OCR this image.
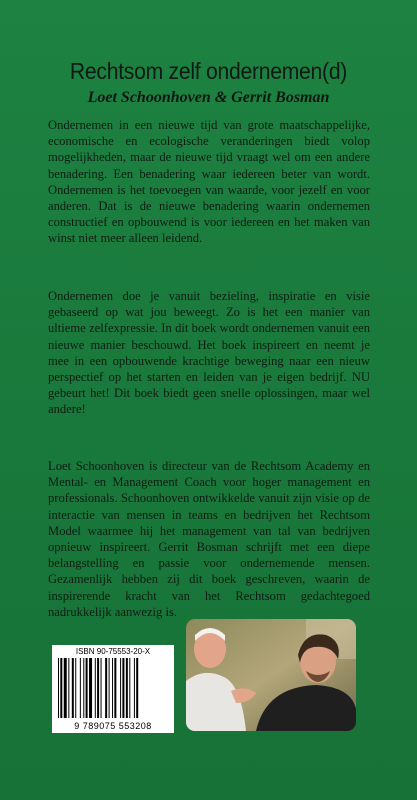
Rechtsom zelf ondernemen(d)
Loet Schoonhoven & Gerrit Bosman

Ondernemen in een nieuwe tijd van grote maatschappelijke, economische en ecologische veranderingen biedt volop mogelijkheden, maar de nieuwe tijd vraagt wel om een andere benadering. Een benadering waar iedereen beter van wordt. Ondernemen is het toevoegen van waarde, voor jezelf en voor anderen. Dat is de nieuwe benadering waarin ondernemen constructief en opbouwend is voor iedereen en het maken van winst niet meer alleen leidend.

Ondernemen doe je vanuit bezieling, inspiratie en visie gebaseerd op wat jou beweegt. Zo is het een manier van ultieme zelfexpressie. In dit boek wordt ondernemen vanuit een nieuwe manier beschouwd. Het boek inspireert en neemt je mee in een opbouwende krachtige beweging naar een nieuw perspectief op het starten en leiden van je eigen bedrijf. NU gebeurt het! Dit boek biedt geen snelle oplossingen, maar wel andere!

Loet Schoonhoven is directeur van de Rechtsom Academy en Mental- en Management Coach voor hoger management en professionals. Schoonhoven ontwikkelde vanuit zijn visie op de interactie van mensen in teams en bedrijven het Rechtsom Model waarmee hij het management van tal van bedrijven opnieuw inspireert. Gerrit Bosman schrijft met een diepe belangstelling en passie voor ondernemende mensen. Gezamenlijk hebben zij dit boek geschreven, waarin de inspirerende kracht van het Rechtsom gedachtegoed nadrukkelijk aanwezig is.

ISBN 90-75553-20-X
9 789075 553208
